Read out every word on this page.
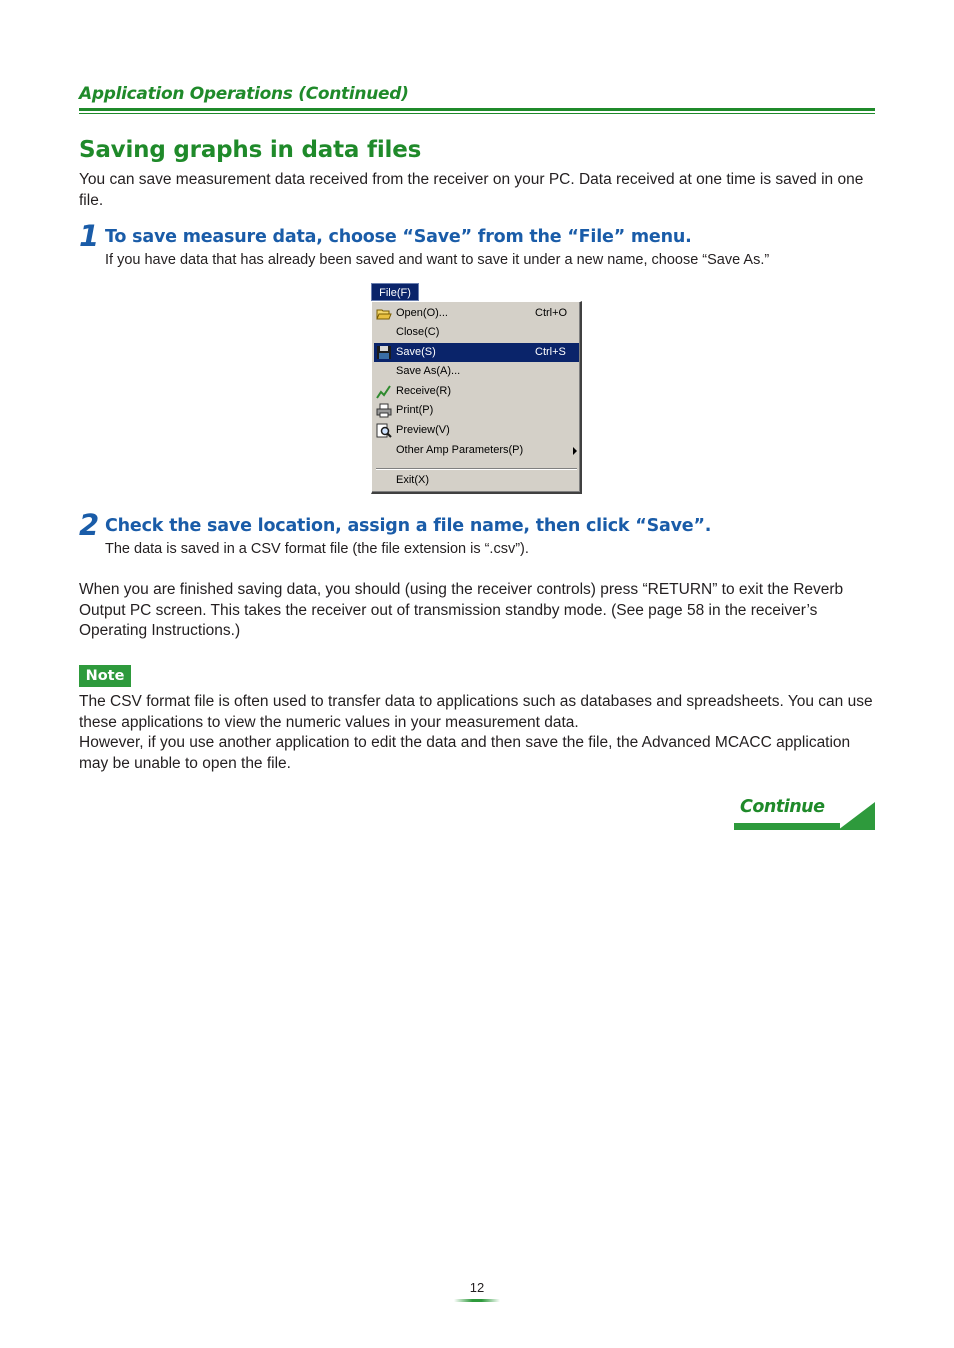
Application Operations (Continued)
Saving graphs in data files
You can save measurement data received from the receiver on your PC. Data received at one time is saved in one file.
1 To save measure data, choose “Save” from the “File” menu.
If you have data that has already been saved and want to save it under a new name, choose “Save As.”
File(F)
Open(O)...	Ctrl+O
Close(C)
Save(S)	Ctrl+S
Save As(A)...
Receive(R)
Print(P)
Preview(V)
Other Amp Parameters(P)
Exit(X)
2 Check the save location, assign a file name, then click “Save”.
The data is saved in a CSV format file (the file extension is “.csv”).
When you are finished saving data, you should (using the receiver controls) press “RETURN” to exit the Reverb Output PC screen. This takes the receiver out of transmission standby mode. (See page 58 in the receiver’s Operating Instructions.)
Note
The CSV format file is often used to transfer data to applications such as databases and spreadsheets. You can use these applications to view the numeric values in your measurement data.
However, if you use another application to edit the data and then save the file, the Advanced MCACC application may be unable to open the file.
Continue
12
